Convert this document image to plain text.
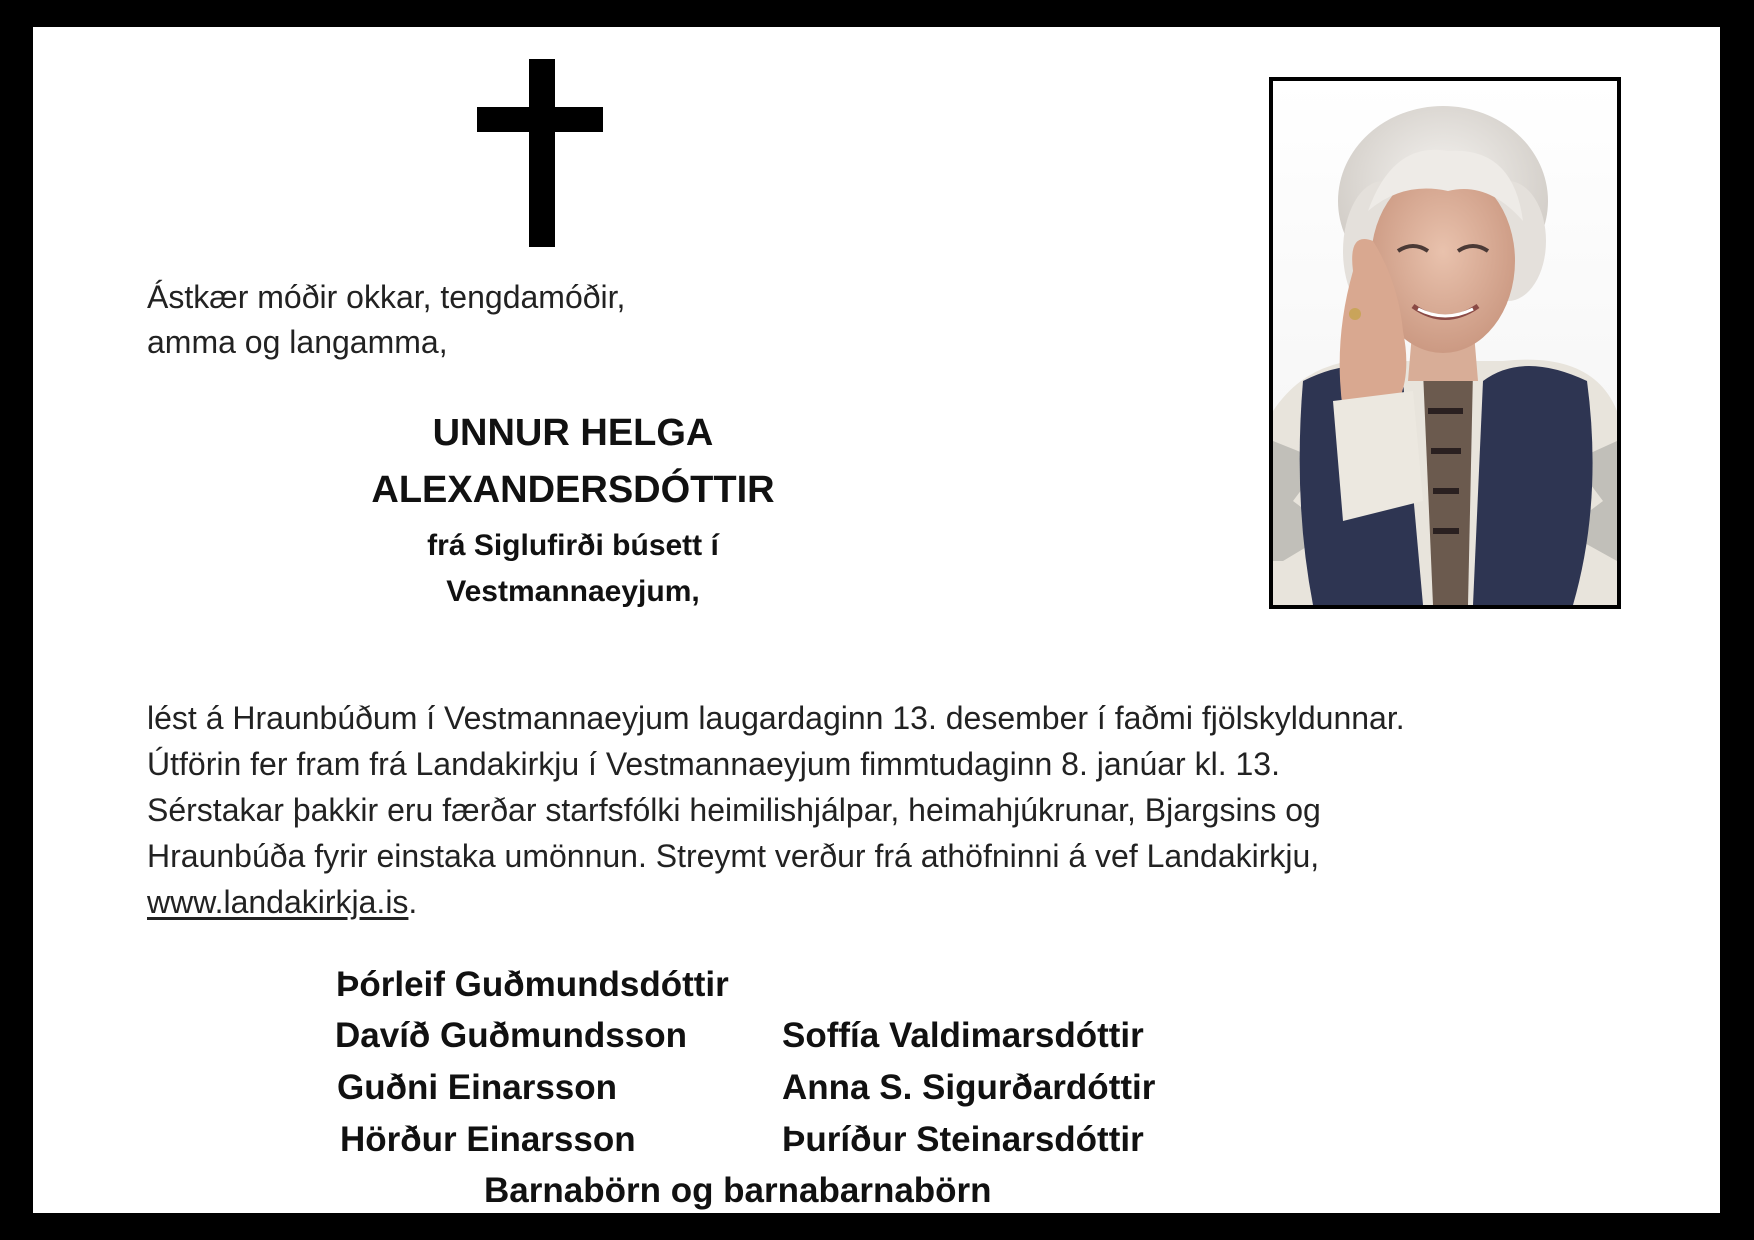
Ástkær móðir okkar, tengdamóðir,
amma og langamma,
UNNUR HELGA
ALEXANDERSDÓTTIR
frá Siglufirði búsett í
Vestmannaeyjum,
lést á Hraunbúðum í Vestmannaeyjum laugardaginn 13. desember í faðmi fjölskyldunnar.
Útförin fer fram frá Landakirkju í Vestmannaeyjum fimmtudaginn 8. janúar kl. 13.
Sérstakar þakkir eru færðar starfsfólki heimilishjálpar, heimahjúkrunar, Bjargsins og
Hraunbúða fyrir einstaka umönnun. Streymt verður frá athöfninni á vef Landakirkju,
www.landakirkja.is.
Þórleif Guðmundsdóttir
Davíð Guðmundsson	Soffía Valdimarsdóttir
Guðni Einarsson	Anna S. Sigurðardóttir
Hörður Einarsson	Þuríður Steinarsdóttir
Barnabörn og barnabarnabörn
